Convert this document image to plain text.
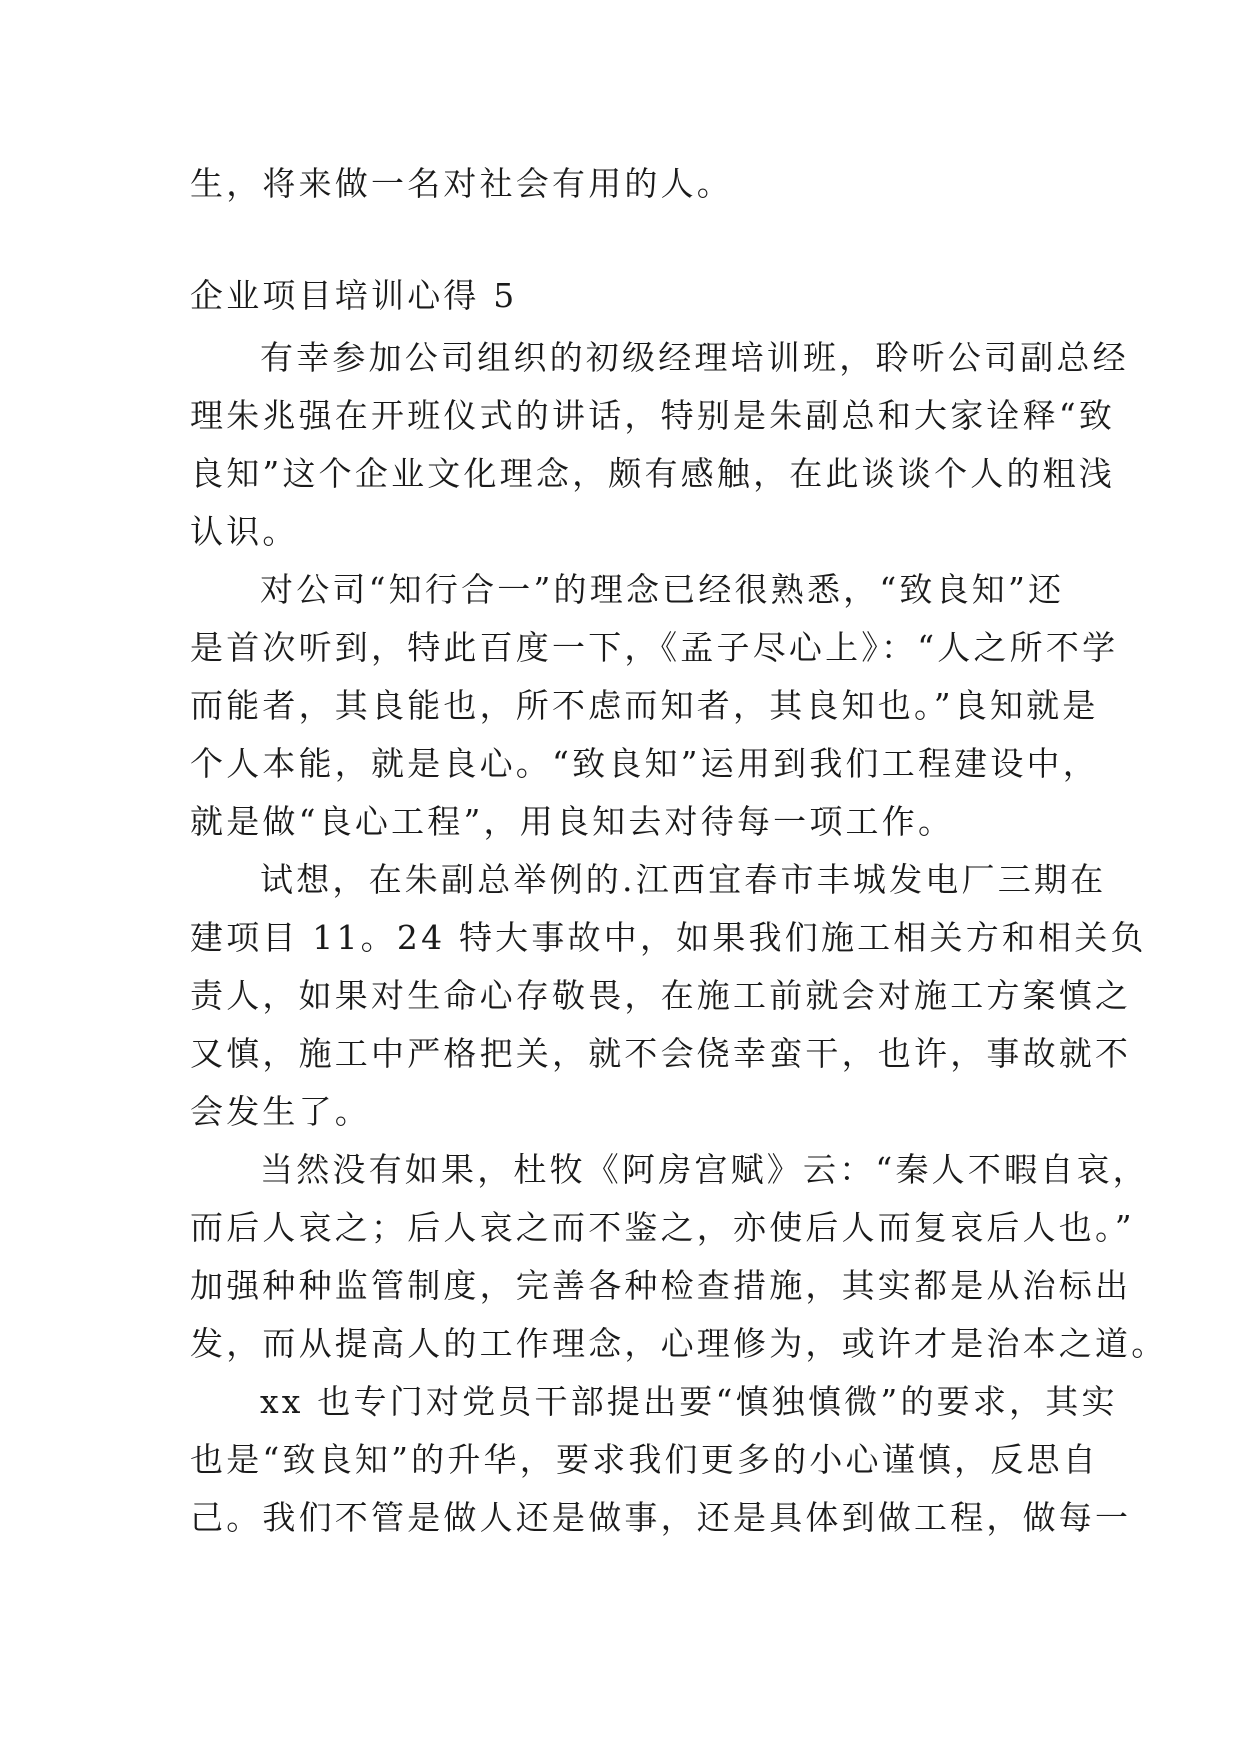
生，将来做一名对社会有用的人。
企业项目培训心得 5
有幸参加公司组织的初级经理培训班，聆听公司副总经
理朱兆强在开班仪式的讲话，特别是朱副总和大家诠释“致
良知”这个企业文化理念，颇有感触，在此谈谈个人的粗浅
认识。
对公司“知行合一”的理念已经很熟悉，“致良知”还
是首次听到，特此百度一下，《孟子尽心上》：“人之所不学
而能者，其良能也，所不虑而知者，其良知也。”良知就是
个人本能，就是良心。“致良知”运用到我们工程建设中，
就是做“良心工程”，用良知去对待每一项工作。
试想，在朱副总举例的.江西宜春市丰城发电厂三期在
建项目 11。24 特大事故中，如果我们施工相关方和相关负
责人，如果对生命心存敬畏，在施工前就会对施工方案慎之
又慎，施工中严格把关，就不会侥幸蛮干，也许，事故就不
会发生了。
当然没有如果，杜牧《阿房宫赋》云：“秦人不暇自哀，
而后人哀之；后人哀之而不鉴之，亦使后人而复哀后人也。”
加强种种监管制度，完善各种检查措施，其实都是从治标出
发，而从提高人的工作理念，心理修为，或许才是治本之道。
xx 也专门对党员干部提出要“慎独慎微”的要求，其实
也是“致良知”的升华，要求我们更多的小心谨慎，反思自
己。我们不管是做人还是做事，还是具体到做工程，做每一
